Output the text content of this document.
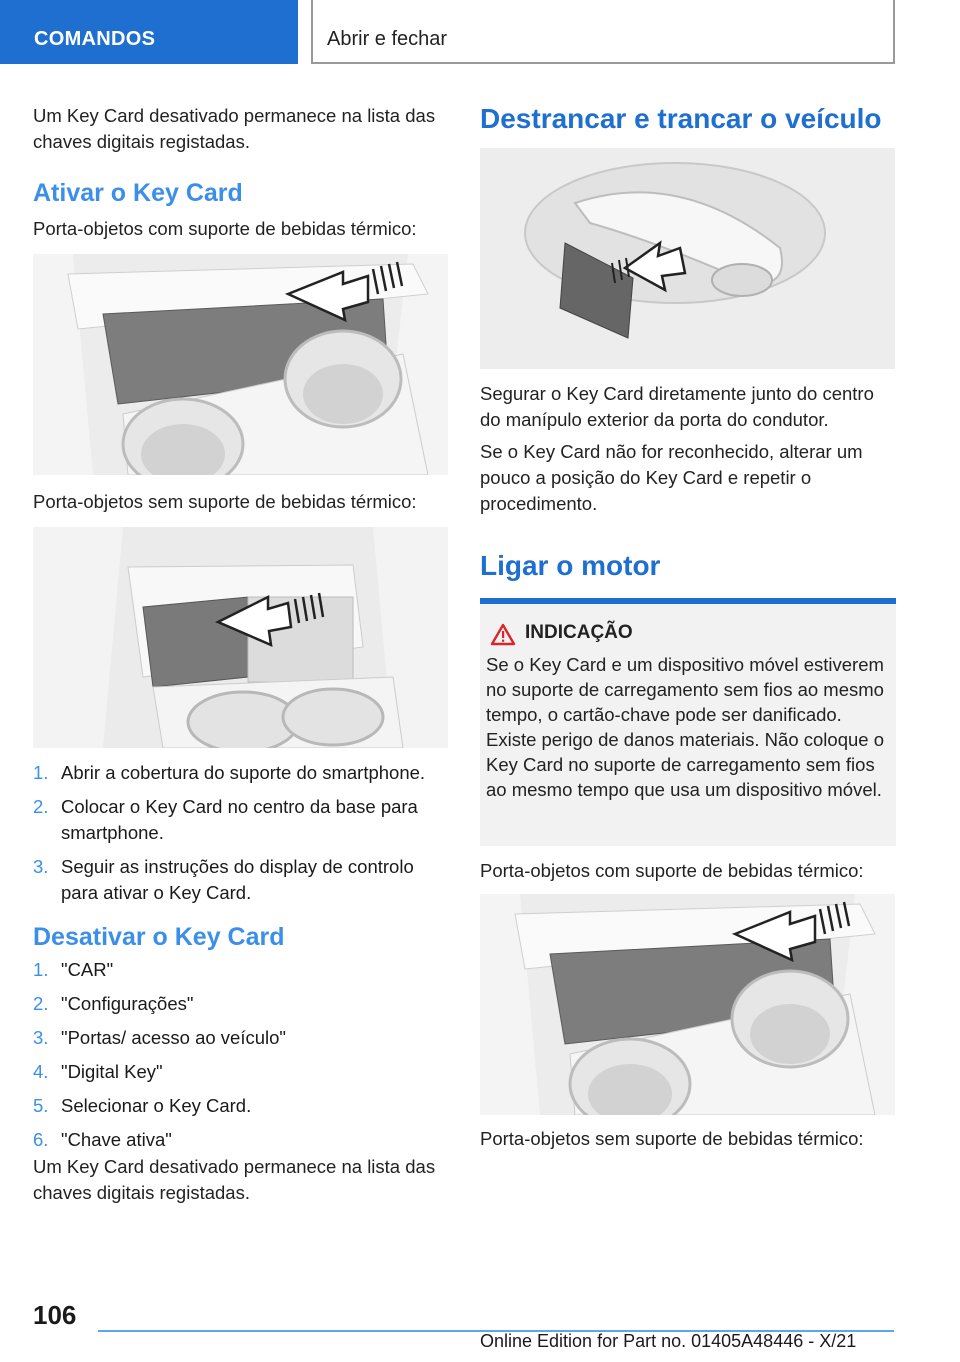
COMANDOS	Abrir e fechar

Um Key Card desativado permanece na lista das chaves digitais registadas.

Ativar o Key Card

Porta-objetos com suporte de bebidas térmico:

Porta-objetos sem suporte de bebidas térmico:

1. Abrir a cobertura do suporte do smartphone.
2. Colocar o Key Card no centro da base para smartphone.
3. Seguir as instruções do display de controlo para ativar o Key Card.
Desativar o Key Card
1. "CAR"
2. "Configurações"
3. "Portas/ acesso ao veículo"
4. "Digital Key"
5. Selecionar o Key Card.
6. "Chave ativa"

Um Key Card desativado permanece na lista das chaves digitais registadas.

Destrancar e trancar o veículo

Segurar o Key Card diretamente junto do centro do manípulo exterior da porta do condutor.

Se o Key Card não for reconhecido, alterar um pouco a posição do Key Card e repetir o procedimento.

Ligar o motor
INDICAÇÃO
Se o Key Card e um dispositivo móvel estiverem no suporte de carregamento sem fios ao mesmo tempo, o cartão-chave pode ser danificado. Existe perigo de danos materiais. Não coloque o Key Card no suporte de carregamento sem fios ao mesmo tempo que usa um dispositivo móvel.

Porta-objetos com suporte de bebidas térmico:

Porta-objetos sem suporte de bebidas térmico:

106
Online Edition for Part no. 01405A48446 - X/21
